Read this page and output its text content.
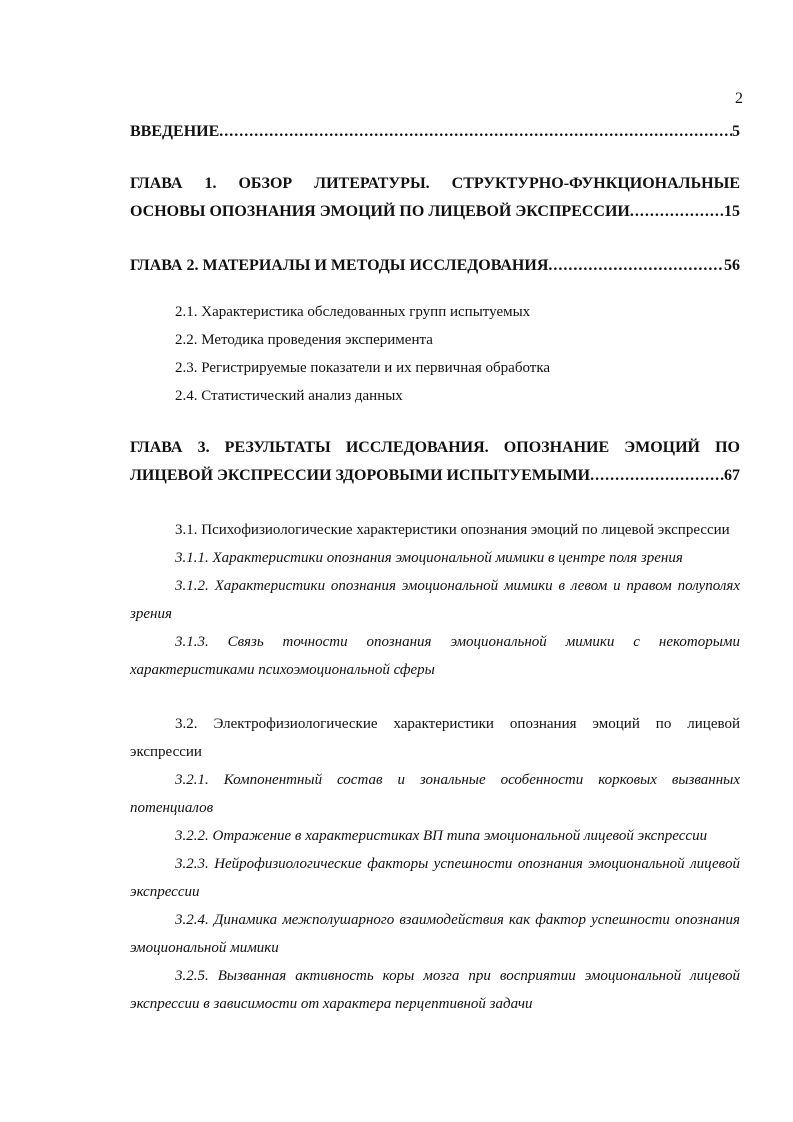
2
ВВЕДЕНИЕ .....	5
ГЛАВА 1. ОБЗОР ЛИТЕРАТУРЫ. СТРУКТУРНО-ФУНКЦИОНАЛЬНЫЕ
ОСНОВЫ ОПОЗНАНИЯ ЭМОЦИЙ ПО ЛИЦЕВОЙ ЭКСПРЕССИИ .....	15
ГЛАВА 2. МАТЕРИАЛЫ И МЕТОДЫ ИССЛЕДОВАНИЯ .....	56
2.1. Характеристика обследованных групп испытуемых
2.2. Методика проведения эксперимента
2.3. Регистрируемые показатели и их первичная обработка
2.4. Статистический анализ данных
ГЛАВА 3. РЕЗУЛЬТАТЫ ИССЛЕДОВАНИЯ. ОПОЗНАНИЕ ЭМОЦИЙ ПО
ЛИЦЕВОЙ ЭКСПРЕССИИ ЗДОРОВЫМИ ИСПЫТУЕМЫМИ .....	67
3.1. Психофизиологические характеристики опознания эмоций по лицевой экспрессии
3.1.1. Характеристики опознания эмоциональной мимики в центре поля зрения
3.1.2. Характеристики опознания эмоциональной мимики в левом и правом полуполях зрения
3.1.3. Связь точности опознания эмоциональной мимики с некоторыми характеристиками психоэмоциональной сферы
3.2. Электрофизиологические характеристики опознания эмоций по лицевой экспрессии
3.2.1. Компонентный состав и зональные особенности корковых вызванных потенциалов
3.2.2. Отражение в характеристиках ВП типа эмоциональной лицевой экспрессии
3.2.3. Нейрофизиологические факторы успешности опознания эмоциональной лицевой экспрессии
3.2.4. Динамика межполушарного взаимодействия как фактор успешности опознания эмоциональной мимики
3.2.5. Вызванная активность коры мозга при восприятии эмоциональной лицевой экспрессии в зависимости от характера перцептивной задачи
